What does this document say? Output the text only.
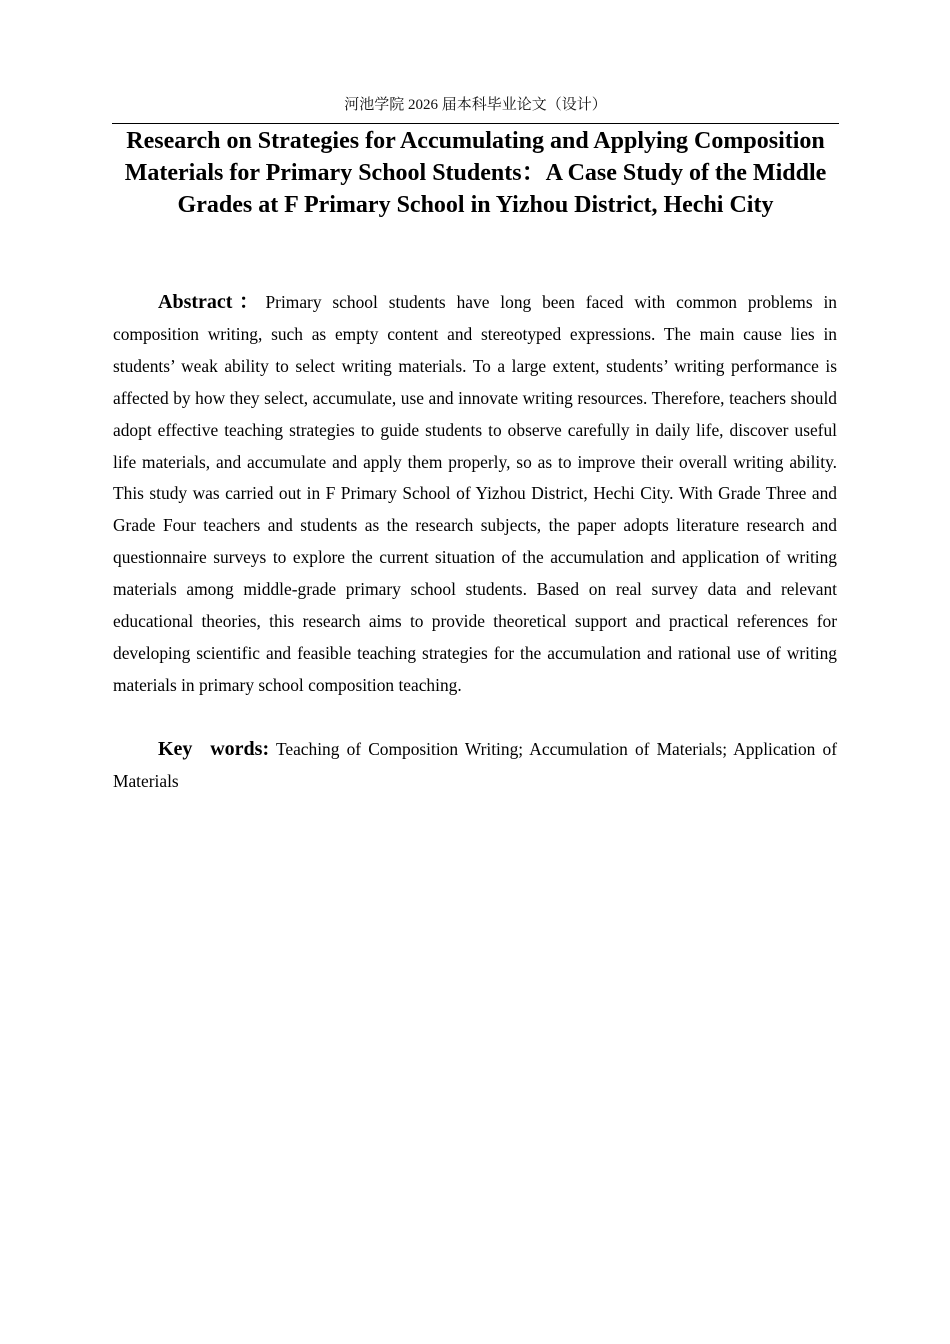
河池学院 2026 届本科毕业论文（设计）
Research on Strategies for Accumulating and Applying Composition Materials for Primary School Students：A Case Study of the Middle Grades at F Primary School in Yizhou District, Hechi City

Abstract：Primary school students have long been faced with common problems in composition writing, such as empty content and stereotyped expressions. The main cause lies in students’ weak ability to select writing materials. To a large extent, students’ writing performance is affected by how they select, accumulate, use and innovate writing resources. Therefore, teachers should adopt effective teaching strategies to guide students to observe carefully in daily life, discover useful life materials, and accumulate and apply them properly, so as to improve their overall writing ability. This study was carried out in F Primary School of Yizhou District, Hechi City. With Grade Three and Grade Four teachers and students as the research subjects, the paper adopts literature research and questionnaire surveys to explore the current situation of the accumulation and application of writing materials among middle-grade primary school students. Based on real survey data and relevant educational theories, this research aims to provide theoretical support and practical references for developing scientific and feasible teaching strategies for the accumulation and rational use of writing materials in primary school composition teaching.

Key words: Teaching of Composition Writing; Accumulation of Materials; Application of Materials
